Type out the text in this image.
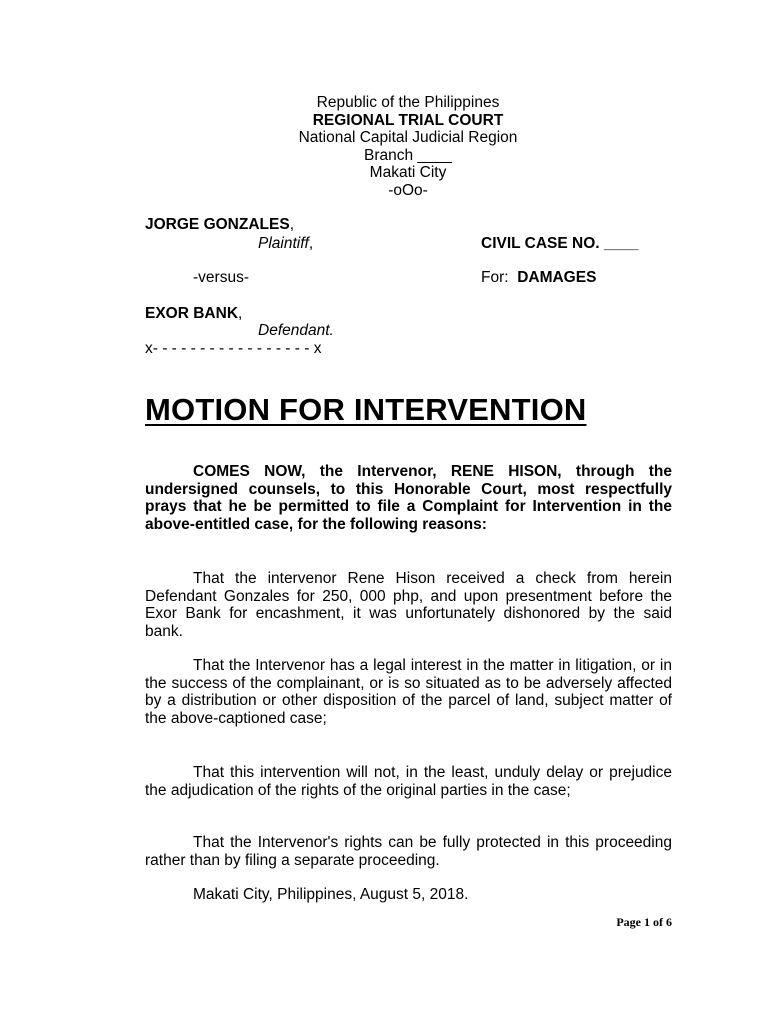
Republic of the Philippines
REGIONAL TRIAL COURT
National Capital Judicial Region
Branch ____
Makati City
-oOo-
JORGE GONZALES,
Plaintiff,	CIVIL CASE NO. ____
-versus-	For: DAMAGES
EXOR BANK,
Defendant.
x- - - - - - - - - - - - - - - - - x
MOTION FOR INTERVENTION
COMES NOW, the Intervenor, RENE HISON, through the undersigned counsels, to this Honorable Court, most respectfully prays that he be permitted to file a Complaint for Intervention in the above-entitled case, for the following reasons:
That the intervenor Rene Hison received a check from herein Defendant Gonzales for 250, 000 php, and upon presentment before the Exor Bank for encashment, it was unfortunately dishonored by the said bank.
That the Intervenor has a legal interest in the matter in litigation, or in the success of the complainant, or is so situated as to be adversely affected by a distribution or other disposition of the parcel of land, subject matter of the above-captioned case;
That this intervention will not, in the least, unduly delay or prejudice the adjudication of the rights of the original parties in the case;
That the Intervenor's rights can be fully protected in this proceeding rather than by filing a separate proceeding.
Makati City, Philippines, August 5, 2018.
Page 1 of 6
